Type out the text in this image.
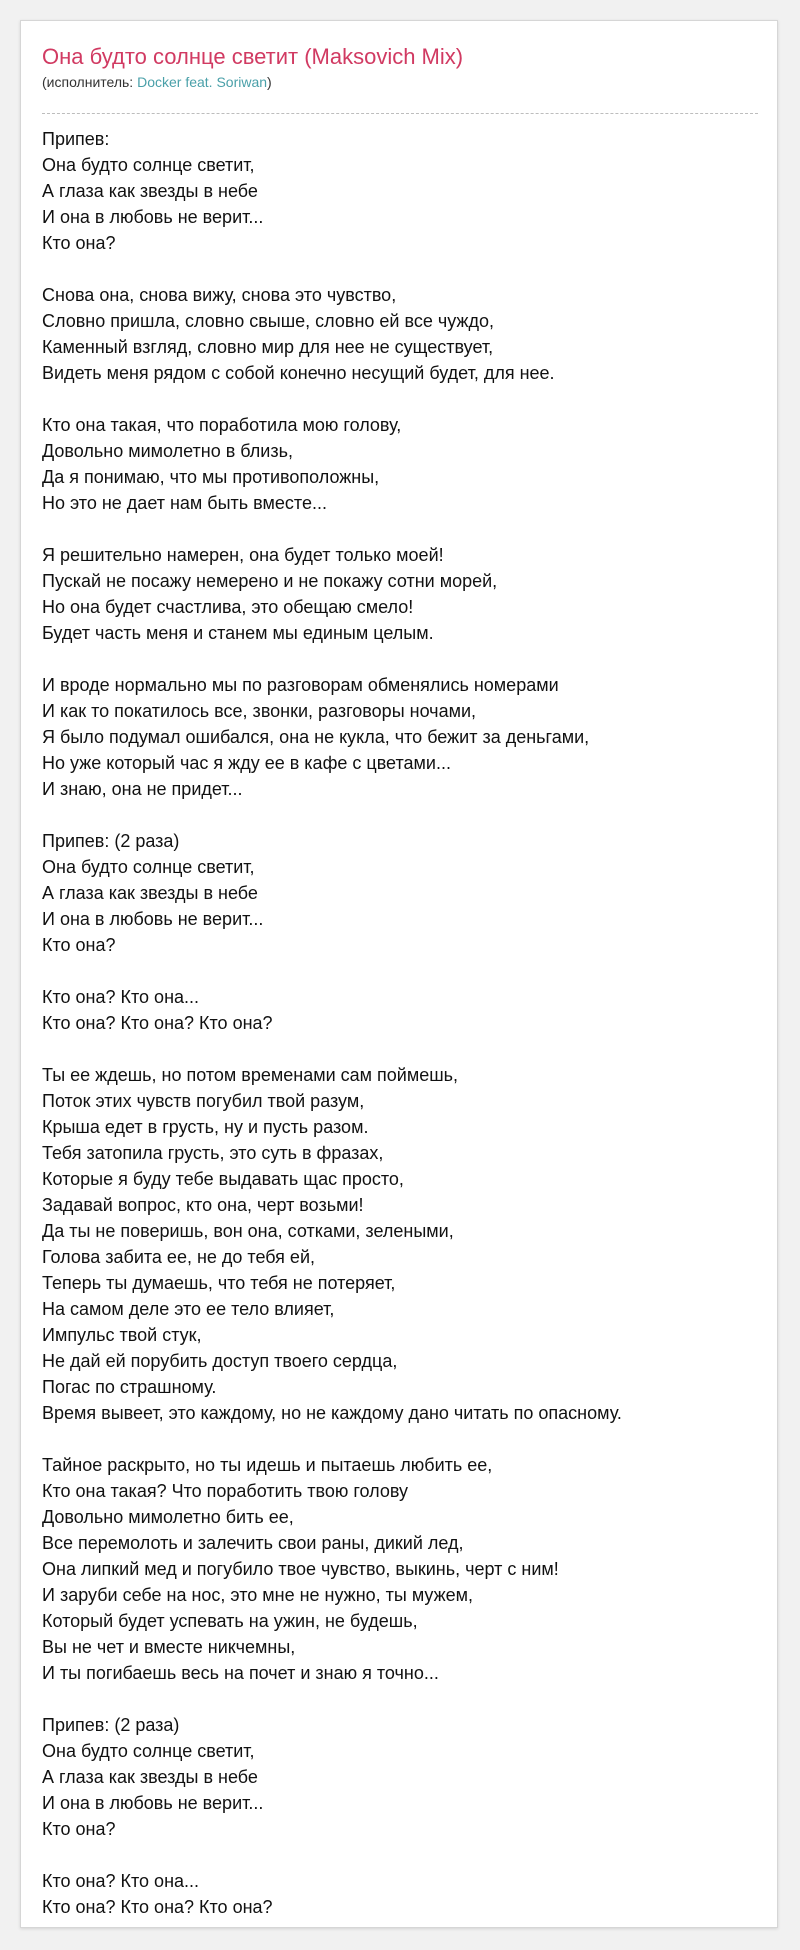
Она будто солнце светит (Maksovich Mix)
(исполнитель: Docker feat. Soriwan)
Припев:
Она будто солнце светит,
А глаза как звезды в небе
И она в любовь не верит...
Кто она?
Снова она, снова вижу, снова это чувство,
Словно пришла, словно свыше, словно ей все чуждо,
Каменный взгляд, словно мир для нее не существует,
Видеть меня рядом с собой конечно несущий будет, для нее.
Кто она такая, что поработила мою голову,
Довольно мимолетно в близь,
Да я понимаю, что мы противоположны,
Но это не дает нам быть вместе...
Я решительно намерен, она будет только моей!
Пускай не посажу немерено и не покажу сотни морей,
Но она будет счастлива, это обещаю смело!
Будет часть меня и станем мы единым целым.
И вроде нормально мы по разговорам обменялись номерами
И как то покатилось все, звонки, разговоры ночами,
Я было подумал ошибался, она не кукла, что бежит за деньгами,
Но уже который час я жду ее в кафе с цветами...
И знаю, она не придет...
Припев: (2 раза)
Она будто солнце светит,
А глаза как звезды в небе
И она в любовь не верит...
Кто она?
Кто она? Кто она...
Кто она? Кто она? Кто она?
Ты ее ждешь, но потом временами сам поймешь,
Поток этих чувств погубил твой разум,
Крыша едет в грусть, ну и пусть разом.
Тебя затопила грусть, это суть в фразах,
Которые я буду тебе выдавать щас просто,
Задавай вопрос, кто она, черт возьми!
Да ты не поверишь, вон она, сотками, зелеными,
Голова забита ее, не до тебя ей,
Теперь ты думаешь, что тебя не потеряет,
На самом деле это ее тело влияет,
Импульс твой стук,
Не дай ей порубить доступ твоего сердца,
Погас по страшному.
Время вывеет, это каждому, но не каждому дано читать по опасному.
Тайное раскрыто, но ты идешь и пытаешь любить ее,
Кто она такая? Что поработить твою голову
Довольно мимолетно бить ее,
Все перемолоть и залечить свои раны, дикий лед,
Она липкий мед и погубило твое чувство, выкинь, черт с ним!
И заруби себе на нос, это мне не нужно, ты мужем,
Который будет успевать на ужин, не будешь,
Вы не чет и вместе никчемны,
И ты погибаешь весь на почет и знаю я точно...
Припев: (2 раза)
Она будто солнце светит,
А глаза как звезды в небе
И она в любовь не верит...
Кто она?
Кто она? Кто она...
Кто она? Кто она? Кто она?
